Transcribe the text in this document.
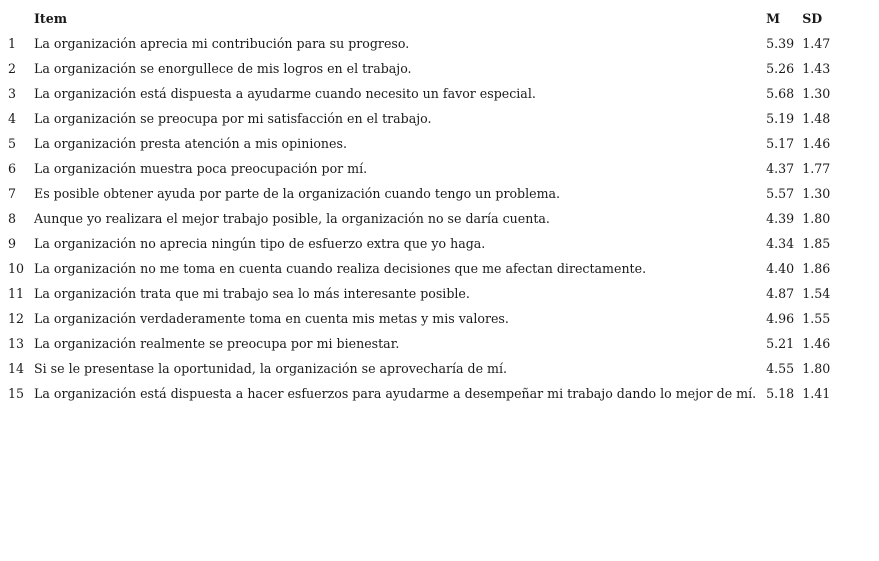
	Item	M	SD
1	La organización aprecia mi contribución para su progreso.	5.39	1.47
2	La organización se enorgullece de mis logros en el trabajo.	5.26	1.43
3	La organización está dispuesta a ayudarme cuando necesito un favor especial.	5.68	1.30
4	La organización se preocupa por mi satisfacción en el trabajo.	5.19	1.48
5	La organización presta atención a mis opiniones.	5.17	1.46
6	La organización muestra poca preocupación por mí.	4.37	1.77
7	Es posible obtener ayuda por parte de la organización cuando tengo un problema.	5.57	1.30
8	Aunque yo realizara el mejor trabajo posible, la organización no se daría cuenta.	4.39	1.80
9	La organización no aprecia ningún tipo de esfuerzo extra que yo haga.	4.34	1.85
10	La organización no me toma en cuenta cuando realiza decisiones que me afectan directamente.	4.40	1.86
11	La organización trata que mi trabajo sea lo más interesante posible.	4.87	1.54
12	La organización verdaderamente toma en cuenta mis metas y mis valores.	4.96	1.55
13	La organización realmente se preocupa por mi bienestar.	5.21	1.46
14	Si se le presentase la oportunidad, la organización se aprovecharía de mí.	4.55	1.80
15	La organización está dispuesta a hacer esfuerzos para ayudarme a desempeñar mi trabajo dando lo mejor de mí.	5.18	1.41
